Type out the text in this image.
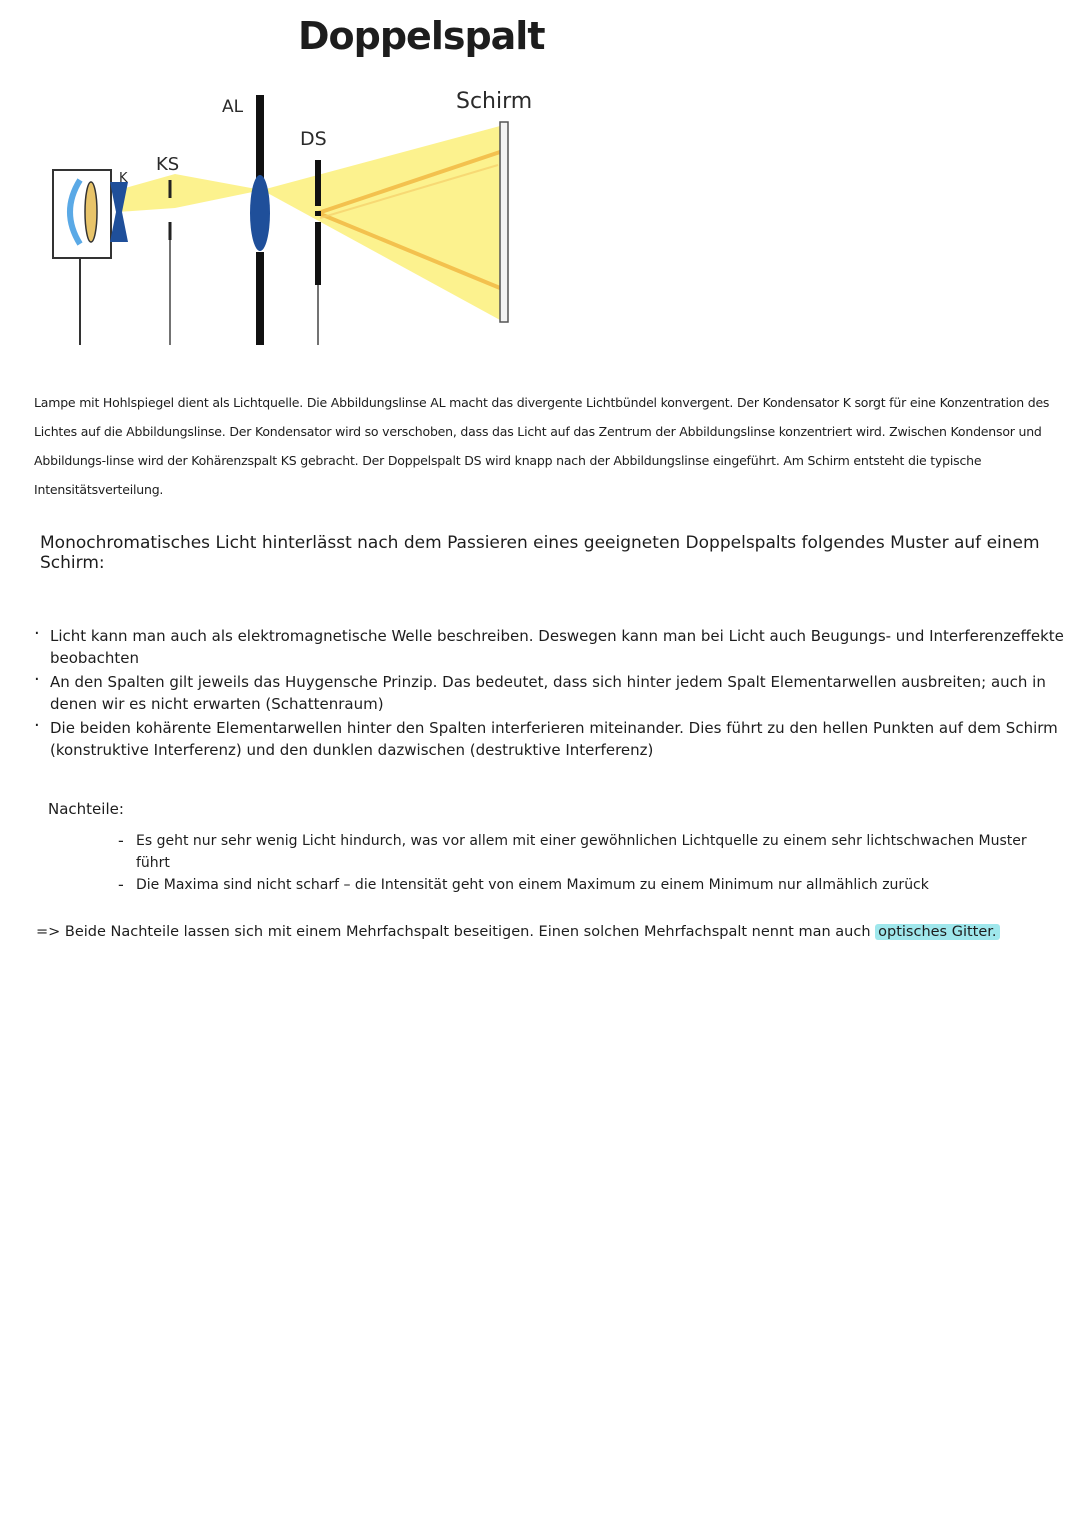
Doppelspalt
KS
K
AL
DS
Schirm

Lampe mit Hohlspiegel dient als Lichtquelle. Die Abbildungslinse AL macht das divergente Lichtbündel konvergent. Der Kondensator K sorgt für eine Konzentration des Lichtes auf die Abbildungslinse. Der Kondensator wird so verschoben, dass das Licht auf das Zentrum der Abbildungslinse konzentriert wird. Zwischen Kondensor und Abbildungs-linse wird der Kohärenzspalt KS gebracht. Der Doppelspalt DS wird knapp nach der Abbildungslinse eingeführt. Am Schirm entsteht die typische Intensitätsverteilung.

Monochromatisches Licht hinterlässt nach dem Passieren eines geeigneten Doppelspalts folgendes Muster auf einem Schirm:

· Licht kann man auch als elektromagnetische Welle beschreiben. Deswegen kann man bei Licht auch Beugungs- und Interferenzeffekte beobachten
· An den Spalten gilt jeweils das Huygensche Prinzip. Das bedeutet, dass sich hinter jedem Spalt Elementarwellen ausbreiten; auch in denen wir es nicht erwarten (Schattenraum)
· Die beiden kohärente Elementarwellen hinter den Spalten interferieren miteinander. Dies führt zu den hellen Punkten auf dem Schirm (konstruktive Interferenz) und den dunklen dazwischen (destruktive Interferenz)

Nachteile:

- Es geht nur sehr wenig Licht hindurch, was vor allem mit einer gewöhnlichen Lichtquelle zu einem sehr lichtschwachen Muster führt
- Die Maxima sind nicht scharf – die Intensität geht von einem Maximum zu einem Minimum nur allmählich zurück

=> Beide Nachteile lassen sich mit einem Mehrfachspalt beseitigen. Einen solchen Mehrfachspalt nennt man auch optisches Gitter.
